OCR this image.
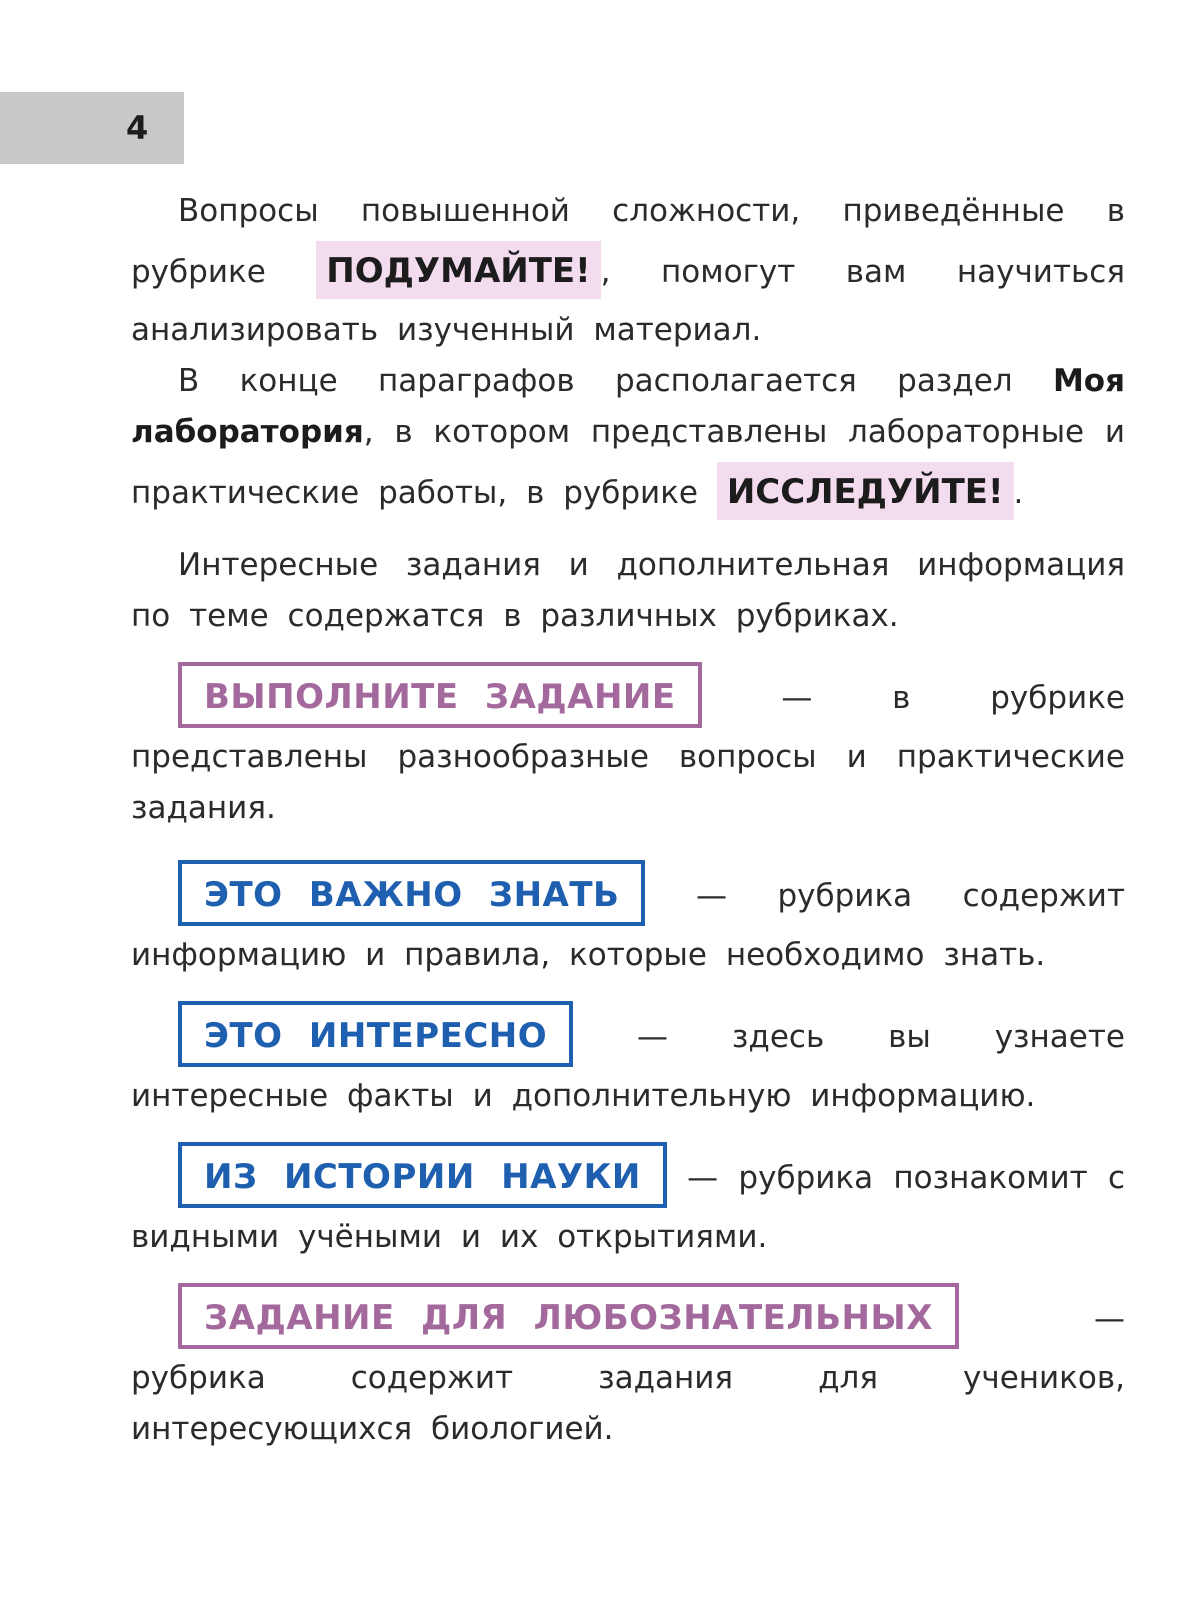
4

Вопросы повышенной сложности, приведённые в рубрике ПОДУМАЙТЕ! , помогут вам научиться анализировать изученный материал.

В конце параграфов располагается раздел Моя лаборатория, в котором представлены лабораторные и практические работы, в рубрике ИССЛЕДУЙТЕ! .

Интересные задания и дополнительная информация по теме содержатся в различных рубриках.

ВЫПОЛНИТЕ ЗАДАНИЕ — в рубрике представлены разнообразные вопросы и практические задания.

ЭТО ВАЖНО ЗНАТЬ — рубрика содержит информацию и правила, которые необходимо знать.

ЭТО ИНТЕРЕСНО — здесь вы узнаете интересные факты и дополнительную информацию.

ИЗ ИСТОРИИ НАУКИ — рубрика познакомит с видными учёными и их открытиями.

ЗАДАНИЕ ДЛЯ ЛЮБОЗНАТЕЛЬНЫХ — рубрика содержит задания для учеников, интересующихся биологией.
